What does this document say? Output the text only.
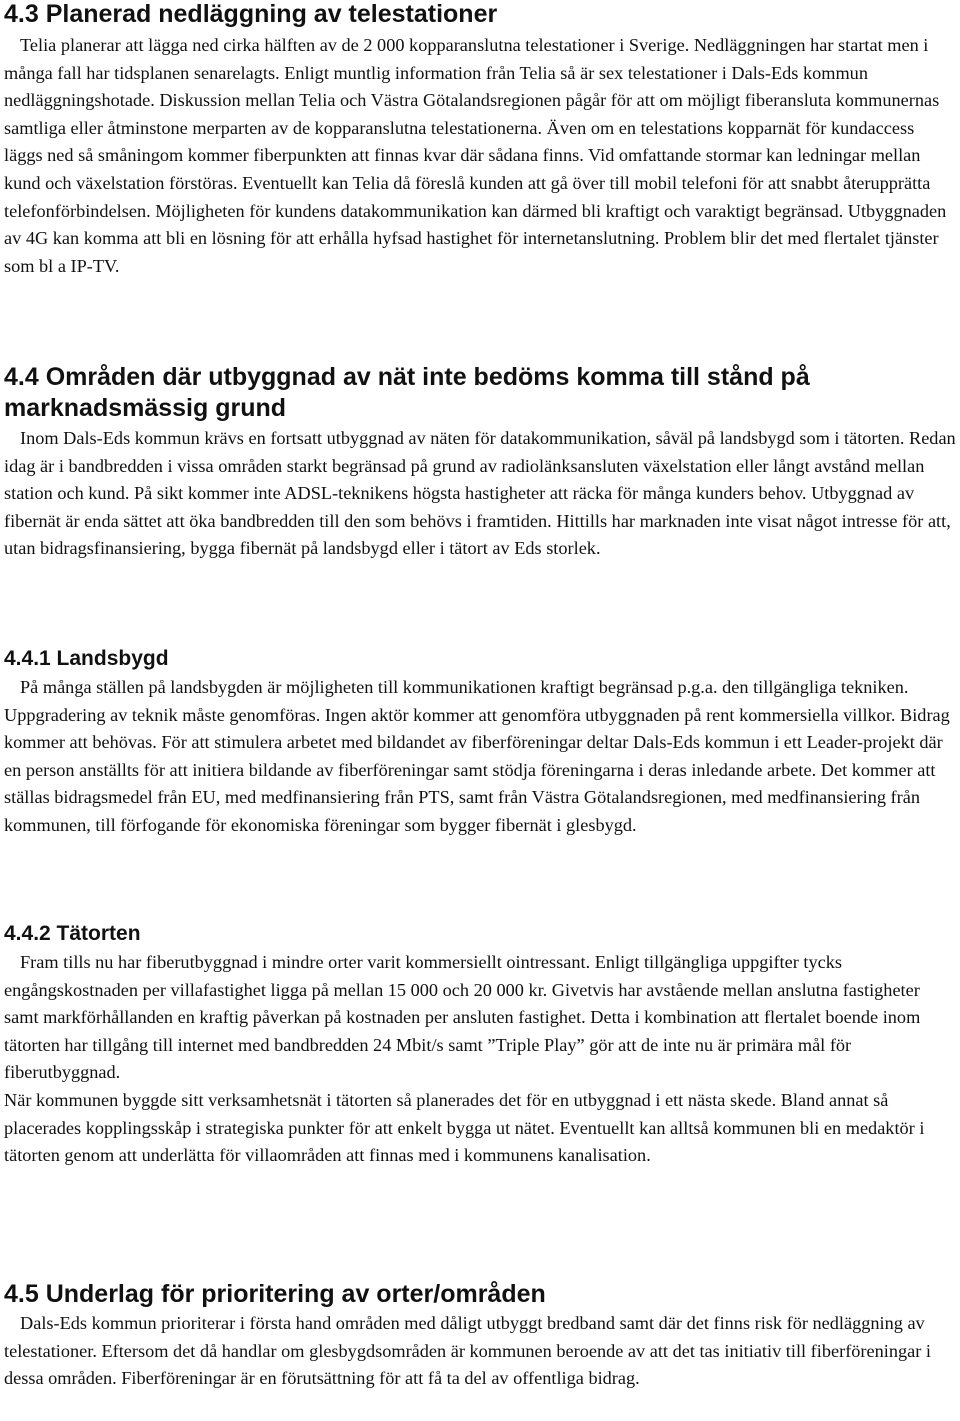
4.3 Planerad nedläggning av telestationer

Telia planerar att lägga ned cirka hälften av de 2 000 kopparanslutna telestationer i Sverige. Nedläggningen har startat men i många fall har tidsplanen senarelagts. Enligt muntlig information från Telia så är sex telestationer i Dals-Eds kommun nedläggningshotade. Diskussion mellan Telia och Västra Götalandsregionen pågår för att om möjligt fiberansluta kommunernas samtliga eller åtminstone merparten av de kopparanslutna telestationerna. Även om en telestations kopparnät för kundaccess läggs ned så småningom kommer fiberpunkten att finnas kvar där sådana finns. Vid omfattande stormar kan ledningar mellan kund och växelstation förstöras. Eventuellt kan Telia då föreslå kunden att gå över till mobil telefoni för att snabbt återupprätta telefonförbindelsen. Möjligheten för kundens datakommunikation kan därmed bli kraftigt och varaktigt begränsad. Utbyggnaden av 4G kan komma att bli en lösning för att erhålla hyfsad hastighet för internetanslutning. Problem blir det med flertalet tjänster som bl a IP-TV.

4.4 Områden där utbyggnad av nät inte bedöms komma till stånd på marknadsmässig grund

Inom Dals-Eds kommun krävs en fortsatt utbyggnad av näten för datakommunikation, såväl på landsbygd som i tätorten. Redan idag är i bandbredden i vissa områden starkt begränsad på grund av radiolänksansluten växelstation eller långt avstånd mellan station och kund. På sikt kommer inte ADSL-teknikens högsta hastigheter att räcka för många kunders behov. Utbyggnad av fibernät är enda sättet att öka bandbredden till den som behövs i framtiden. Hittills har marknaden inte visat något intresse för att, utan bidragsfinansiering, bygga fibernät på landsbygd eller i tätort av Eds storlek.

4.4.1 Landsbygd

På många ställen på landsbygden är möjligheten till kommunikationen kraftigt begränsad p.g.a. den tillgängliga tekniken. Uppgradering av teknik måste genomföras. Ingen aktör kommer att genomföra utbyggnaden på rent kommersiella villkor. Bidrag kommer att behövas. För att stimulera arbetet med bildandet av fiberföreningar deltar Dals-Eds kommun i ett Leader-projekt där en person anställts för att initiera bildande av fiberföreningar samt stödja föreningarna i deras inledande arbete. Det kommer att ställas bidragsmedel från EU, med medfinansiering från PTS, samt från Västra Götalandsregionen, med medfinansiering från kommunen, till förfogande för ekonomiska föreningar som bygger fibernät i glesbygd.

4.4.2 Tätorten

Fram tills nu har fiberutbyggnad i mindre orter varit kommersiellt ointressant. Enligt tillgängliga uppgifter tycks engångskostnaden per villafastighet ligga på mellan 15 000 och 20 000 kr. Givetvis har avstående mellan anslutna fastigheter samt markförhållanden en kraftig påverkan på kostnaden per ansluten fastighet. Detta i kombination att flertalet boende inom tätorten har tillgång till internet med bandbredden 24 Mbit/s samt ”Triple Play” gör att de inte nu är primära mål för fiberutbyggnad.

När kommunen byggde sitt verksamhetsnät i tätorten så planerades det för en utbyggnad i ett nästa skede. Bland annat så placerades kopplingsskåp i strategiska punkter för att enkelt bygga ut nätet. Eventuellt kan alltså kommunen bli en medaktör i tätorten genom att underlätta för villaområden att finnas med i kommunens kanalisation.

4.5 Underlag för prioritering av orter/områden

Dals-Eds kommun prioriterar i första hand områden med dåligt utbyggt bredband samt där det finns risk för nedläggning av telestationer. Eftersom det då handlar om glesbygdsområden är kommunen beroende av att det tas initiativ till fiberföreningar i dessa områden. Fiberföreningar är en förutsättning för att få ta del av offentliga bidrag.
